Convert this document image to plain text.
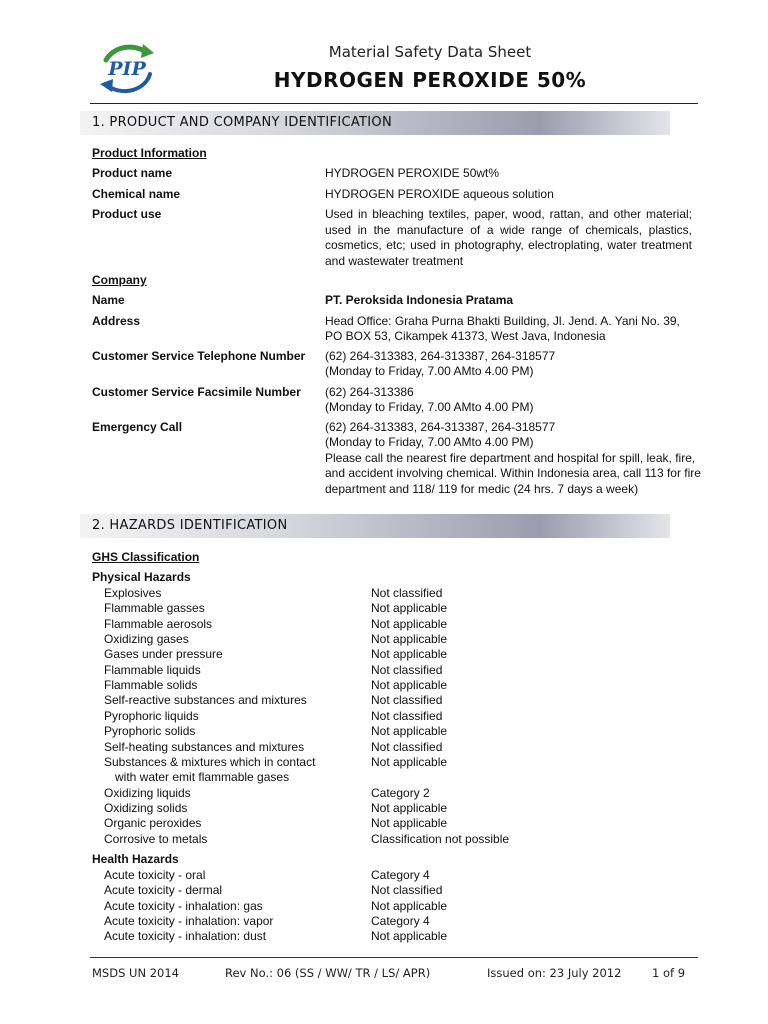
PIP
Material Safety Data Sheet
HYDROGEN PEROXIDE 50%
1. PRODUCT AND COMPANY IDENTIFICATION
Product Information
Product name	HYDROGEN PEROXIDE 50wt%
Chemical name	HYDROGEN PEROXIDE aqueous solution
Product use	Used in bleaching textiles, paper, wood, rattan, and other material; used in the manufacture of a wide range of chemicals, plastics, cosmetics, etc; used in photography, electroplating, water treatment and wastewater treatment
Company
Name	PT. Peroksida Indonesia Pratama
Address	Head Office: Graha Purna Bhakti Building, Jl. Jend. A. Yani No. 39,
PO BOX 53, Cikampek 41373, West Java, Indonesia
Customer Service Telephone Number (62) 264-313383, 264-313387, 264-318577
(Monday to Friday, 7.00 AMto 4.00 PM)
Customer Service Facsimile Number (62) 264-313386
(Monday to Friday, 7.00 AMto 4.00 PM)
Emergency Call	(62) 264-313383, 264-313387, 264-318577
(Monday to Friday, 7.00 AMto 4.00 PM)
Please call the nearest fire department and hospital for spill, leak, fire,
and accident involving chemical. Within Indonesia area, call 113 for fire
department and 118/ 119 for medic (24 hrs. 7 days a week)
2. HAZARDS IDENTIFICATION
GHS Classification
Physical Hazards
Explosives	Not classified
Flammable gasses	Not applicable
Flammable aerosols	Not applicable
Oxidizing gases	Not applicable
Gases under pressure	Not applicable
Flammable liquids	Not classified
Flammable solids	Not applicable
Self-reactive substances and mixtures	Not classified
Pyrophoric liquids	Not classified
Pyrophoric solids	Not applicable
Self-heating substances and mixtures	Not classified
Substances & mixtures which in contact	Not applicable
with water emit flammable gases
Oxidizing liquids	Category 2
Oxidizing solids	Not applicable
Organic peroxides	Not applicable
Corrosive to metals	Classification not possible
Health Hazards
Acute toxicity - oral	Category 4
Acute toxicity - dermal	Not classified
Acute toxicity - inhalation: gas	Not applicable
Acute toxicity - inhalation: vapor	Category 4
Acute toxicity - inhalation: dust	Not applicable
MSDS UN 2014	Rev No.: 06 (SS / WW/ TR / LS/ APR)	Issued on: 23 July 2012	1 of 9
